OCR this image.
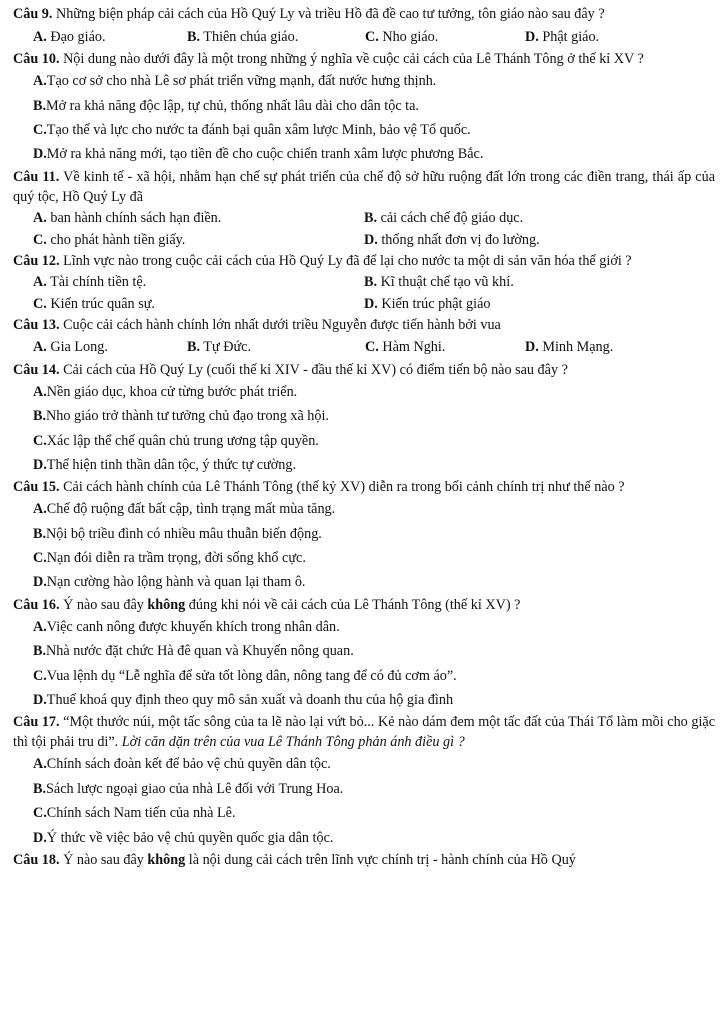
Câu 9. Những biện pháp cải cách của Hồ Quý Ly và triều Hồ đã đề cao tư tưởng, tôn giáo nào sau đây ?

A. Đạo giáo.	B. Thiên chúa giáo.	C. Nho giáo.	D. Phật giáo.

Câu 10. Nội dung nào dưới đây là một trong những ý nghĩa về cuộc cải cách của Lê Thánh Tông ở thế kỉ XV ?

A. Tạo cơ sở cho nhà Lê sơ phát triển vững mạnh, đất nước hưng thịnh.
B. Mở ra khả năng độc lập, tự chủ, thống nhất lâu dài cho dân tộc ta.
C. Tạo thế và lực cho nước ta đánh bại quân xâm lược Minh, bảo vệ Tổ quốc.
D. Mở ra khả năng mới, tạo tiền đề cho cuộc chiến tranh xâm lược phương Bắc.

Câu 11. Về kinh tế - xã hội, nhằm hạn chế sự phát triển của chế độ sở hữu ruộng đất lớn trong các điền trang, thái ấp của quý tộc, Hồ Quý Ly đã

A. ban hành chính sách hạn điền.	B. cải cách chế độ giáo dục.
C. cho phát hành tiền giấy.	D. thống nhất đơn vị đo lường.

Câu 12. Lĩnh vực nào trong cuộc cải cách của Hồ Quý Ly đã để lại cho nước ta một di sản văn hóa thế giới ?

A. Tài chính tiền tệ.	B. Kĩ thuật chế tạo vũ khí.
C. Kiến trúc quân sự.	D. Kiến trúc phật giáo

Câu 13. Cuộc cải cách hành chính lớn nhất dưới triều Nguyễn được tiến hành bởi vua

A. Gia Long.	B. Tự Đức.	C. Hàm Nghi.	D. Minh Mạng.

Câu 14. Cải cách của Hồ Quý Ly (cuối thế kỉ XIV - đầu thế kỉ XV) có điểm tiến bộ nào sau đây ?

A. Nền giáo dục, khoa cử từng bước phát triển.
B. Nho giáo trở thành tư tưởng chủ đạo trong xã hội.
C. Xác lập thể chế quân chủ trung ương tập quyền.
D. Thể hiện tinh thần dân tộc, ý thức tự cường.

Câu 15. Cải cách hành chính của Lê Thánh Tông (thế kỷ XV) diễn ra trong bối cảnh chính trị như thế nào ?

A. Chế độ ruộng đất bất cập, tình trạng mất mùa tăng.
B. Nội bộ triều đình có nhiều mâu thuẫn biến động.
C. Nạn đói diễn ra trầm trọng, đời sống khổ cực.
D. Nạn cường hào lộng hành và quan lại tham ô.

Câu 16. Ý nào sau đây không đúng khi nói về cải cách của Lê Thánh Tông (thế kỉ XV) ?

A. Việc canh nông được khuyến khích trong nhân dân.
B. Nhà nước đặt chức Hà đê quan và Khuyến nông quan.
C. Vua lệnh dụ “Lễ nghĩa để sửa tốt lòng dân, nông tang để có đủ cơm áo”.
D. Thuế khoá quy định theo quy mô sản xuất và doanh thu của hộ gia đình

Câu 17. “Một thước núi, một tấc sông của ta lẽ nào lại vứt bỏ... Kẻ nào dám đem một tấc đất của Thái Tổ làm mồi cho giặc thì tội phải tru di”. Lời căn dặn trên của vua Lê Thánh Tông phản ánh điều gì ?

A. Chính sách đoàn kết để bảo vệ chủ quyền dân tộc.
B. Sách lược ngoại giao của nhà Lê đối với Trung Hoa.
C. Chính sách Nam tiến của nhà Lê.
D. Ý thức về việc bảo vệ chủ quyền quốc gia dân tộc.

Câu 18. Ý nào sau đây không là nội dung cải cách trên lĩnh vực chính trị - hành chính của Hồ Quý
